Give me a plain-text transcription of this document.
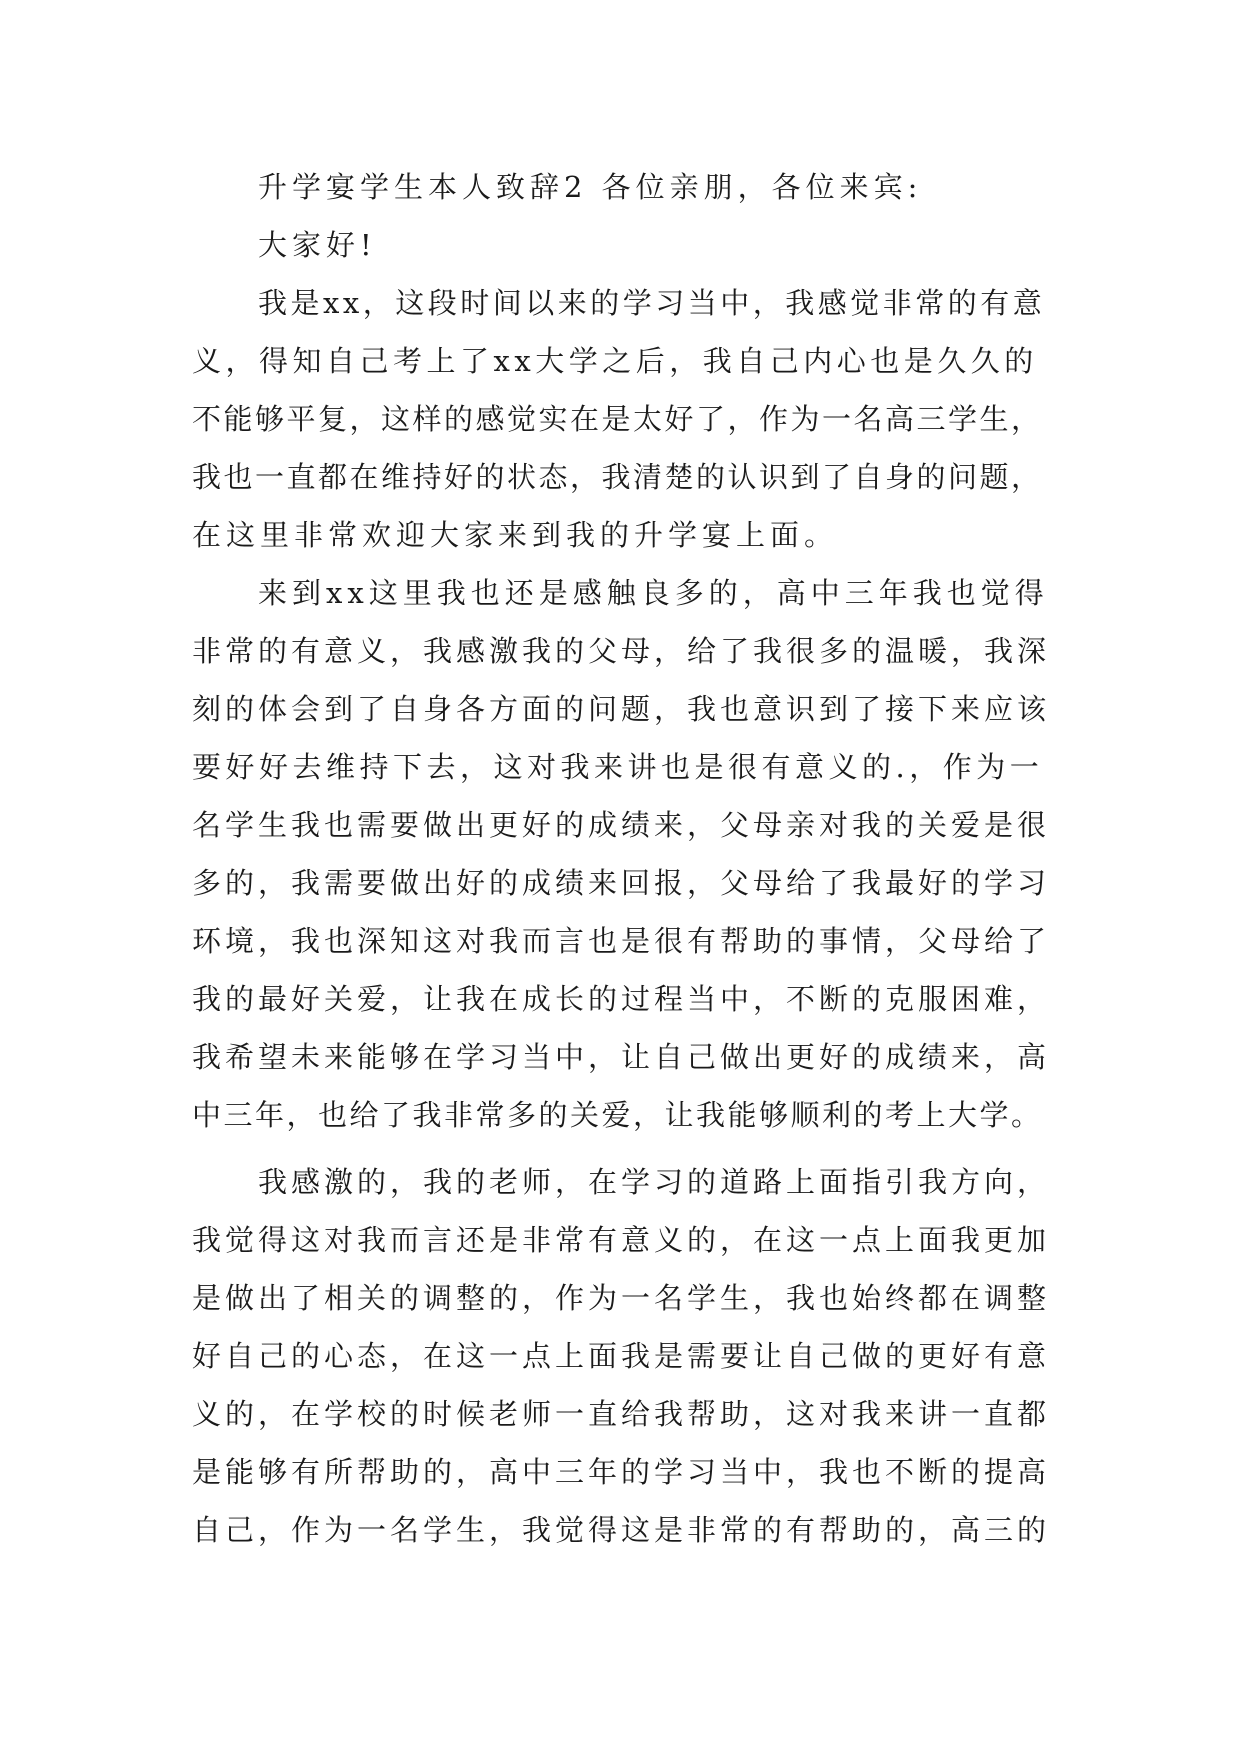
升学宴学生本人致辞2 各位亲朋，各位来宾:

大家好!

我是xx，这段时间以来的学习当中，我感觉非常的有意

义，得知自己考上了xx大学之后，我自己内心也是久久的

不能够平复，这样的感觉实在是太好了，作为一名高三学生，

我也一直都在维持好的状态，我清楚的认识到了自身的问题，

在这里非常欢迎大家来到我的升学宴上面。

来到xx这里我也还是感触良多的，高中三年我也觉得

非常的有意义，我感激我的父母，给了我很多的温暖，我深

刻的体会到了自身各方面的问题，我也意识到了接下来应该

要好好去维持下去，这对我来讲也是很有意义的.，作为一

名学生我也需要做出更好的成绩来，父母亲对我的关爱是很

多的，我需要做出好的成绩来回报，父母给了我最好的学习

环境，我也深知这对我而言也是很有帮助的事情，父母给了

我的最好关爱，让我在成长的过程当中，不断的克服困难，

我希望未来能够在学习当中，让自己做出更好的成绩来，高

中三年，也给了我非常多的关爱，让我能够顺利的考上大学。

我感激的，我的老师，在学习的道路上面指引我方向，

我觉得这对我而言还是非常有意义的，在这一点上面我更加

是做出了相关的调整的，作为一名学生，我也始终都在调整

好自己的心态，在这一点上面我是需要让自己做的更好有意

义的，在学校的时候老师一直给我帮助，这对我来讲一直都

是能够有所帮助的，高中三年的学习当中，我也不断的提高

自己，作为一名学生，我觉得这是非常的有帮助的，高三的
